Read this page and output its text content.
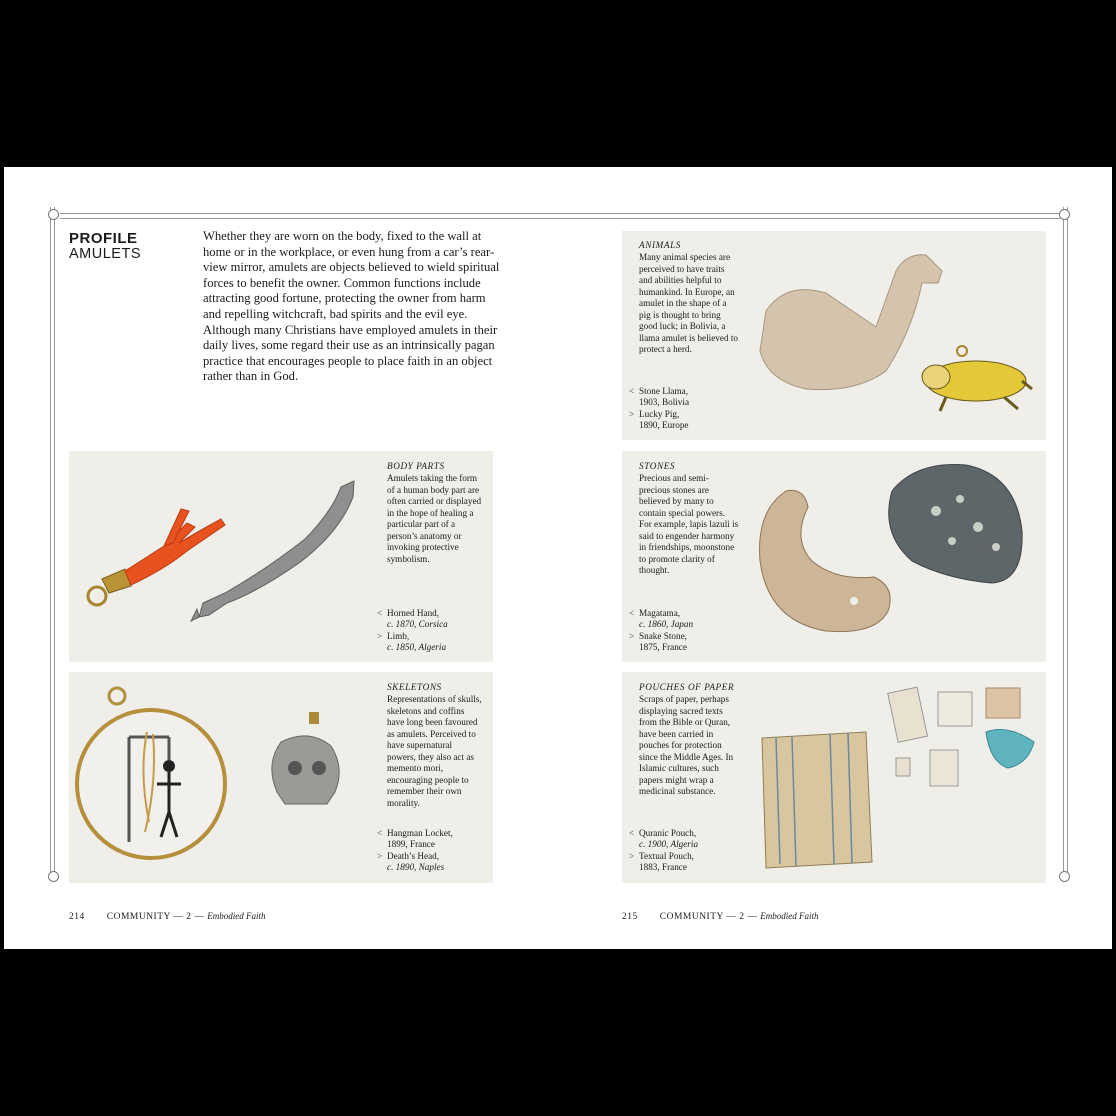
PROFILE
AMULETS
Whether they are worn on the body, fixed to the wall at home or in the workplace, or even hung from a car’s rear-view mirror, amulets are objects believed to wield spiritual forces to benefit the owner. Common functions include attracting good fortune, protecting the owner from harm and repelling witchcraft, bad spirits and the evil eye. Although many Christians have employed amulets in their daily lives, some regard their use as an intrinsically pagan practice that encourages people to place faith in an object rather than in God.
BODY PARTS
Amulets taking the form of a human body part are often carried or displayed in the hope of healing a particular part of a person’s anatomy or invoking protective symbolism.
< Horned Hand,
c. 1870, Corsica
> Limb,
c. 1850, Algeria
SKELETONS
Representations of skulls, skeletons and coffins have long been favoured as amulets. Perceived to have supernatural powers, they also act as memento mori, encouraging people to remember their own morality.
< Hangman Locket,
1899, France
> Death’s Head,
c. 1890, Naples
ANIMALS
Many animal species are perceived to have traits and abilities helpful to humankind. In Europe, an amulet in the shape of a pig is thought to bring good luck; in Bolivia, a llama amulet is believed to protect a herd.
< Stone Llama,
1903, Bolivia
> Lucky Pig,
1890, Europe
STONES
Precious and semi-precious stones are believed by many to contain special powers. For example, lapis lazuli is said to engender harmony in friendships, moonstone to promote clarity of thought.
< Magatama,
c. 1860, Japan
> Snake Stone,
1875, France
POUCHES OF PAPER
Scraps of paper, perhaps displaying sacred texts from the Bible or Quran, have been carried in pouches for protection since the Middle Ages. In Islamic cultures, such papers might wrap a medicinal substance.
< Quranic Pouch,
c. 1900, Algeria
> Textual Pouch,
1883, France
214 COMMUNITY — 2 — Embodied Faith	215 COMMUNITY — 2 — Embodied Faith
